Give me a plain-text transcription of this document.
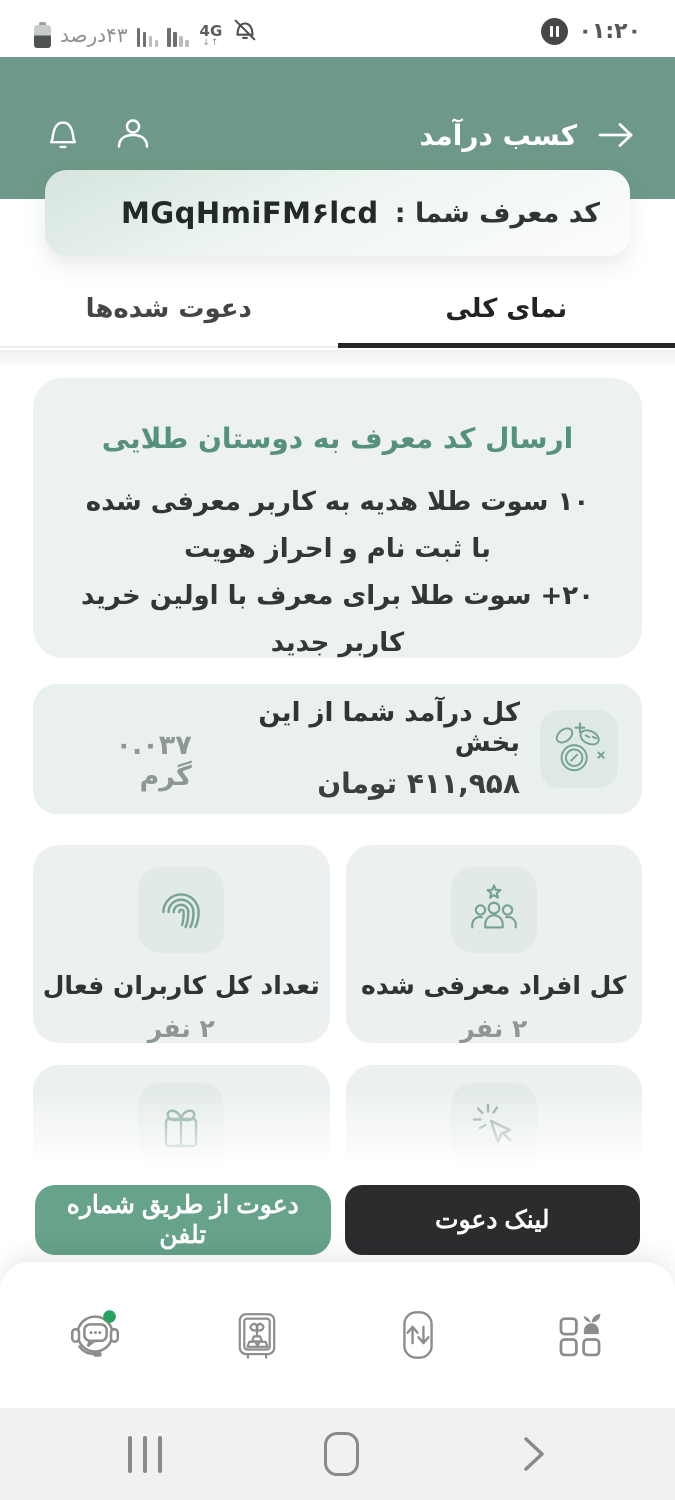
۴۳درصد	4G
↓↑	۰۱:۲۰
کسب درآمد
کد معرف شما :
MGqHmiFM۶lcd
نمای کلی
دعوت شده‌ها
ارسال کد معرف به دوستان طلایی
۱۰ سوت طلا هدیه به کاربر معرفی شده با ثبت نام و احراز هویت
۲۰+ سوت طلا برای معرف با اولین خرید کاربر جدید
کل درآمد شما از این بخش
۴۱۱,۹۵۸ تومان
۰.۰۳۷ گرم
کل افراد معرفی شده
۲ نفر
تعداد کل کاربران فعال
۲ نفر
لینک دعوت
دعوت از طریق شماره تلفن
